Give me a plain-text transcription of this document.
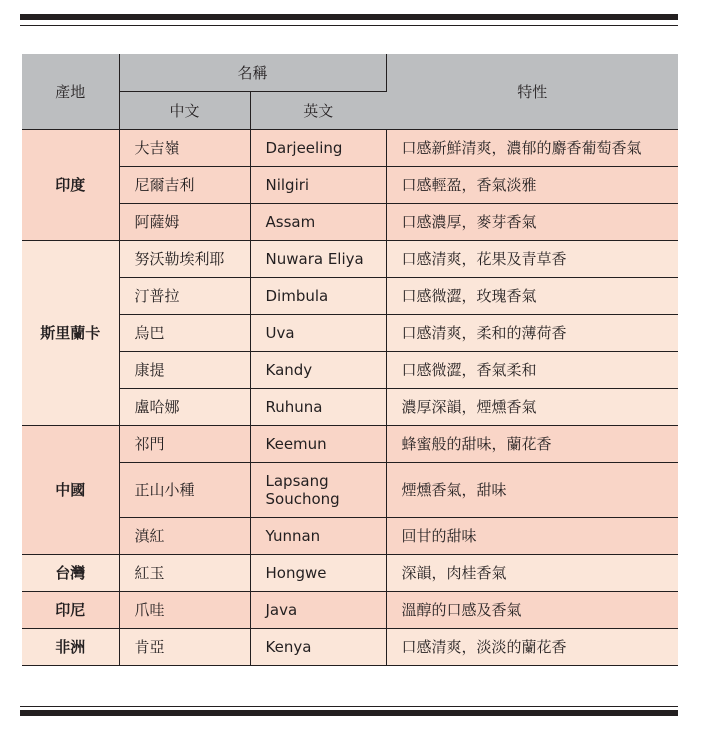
產地	名稱		特性
	中文	英文	
印度	大吉嶺	Darjeeling	口感新鮮清爽，濃郁的麝香葡萄香氣
	尼爾吉利	Nilgiri	口感輕盈，香氣淡雅
	阿薩姆	Assam	口感濃厚，麥芽香氣
斯里蘭卡	努沃勒埃利耶	Nuwara Eliya	口感清爽，花果及青草香
	汀普拉	Dimbula	口感微澀，玫瑰香氣
	烏巴	Uva	口感清爽，柔和的薄荷香
	康提	Kandy	口感微澀，香氣柔和
	盧哈娜	Ruhuna	濃厚深韻，煙燻香氣
中國	祁門	Keemun	蜂蜜般的甜味，蘭花香
	正山小種	Lapsang Souchong	煙燻香氣，甜味
	滇紅	Yunnan	回甘的甜味
台灣	紅玉	Hongwe	深韻，肉桂香氣
印尼	爪哇	Java	溫醇的口感及香氣
非洲	肯亞	Kenya	口感清爽，淡淡的蘭花香
